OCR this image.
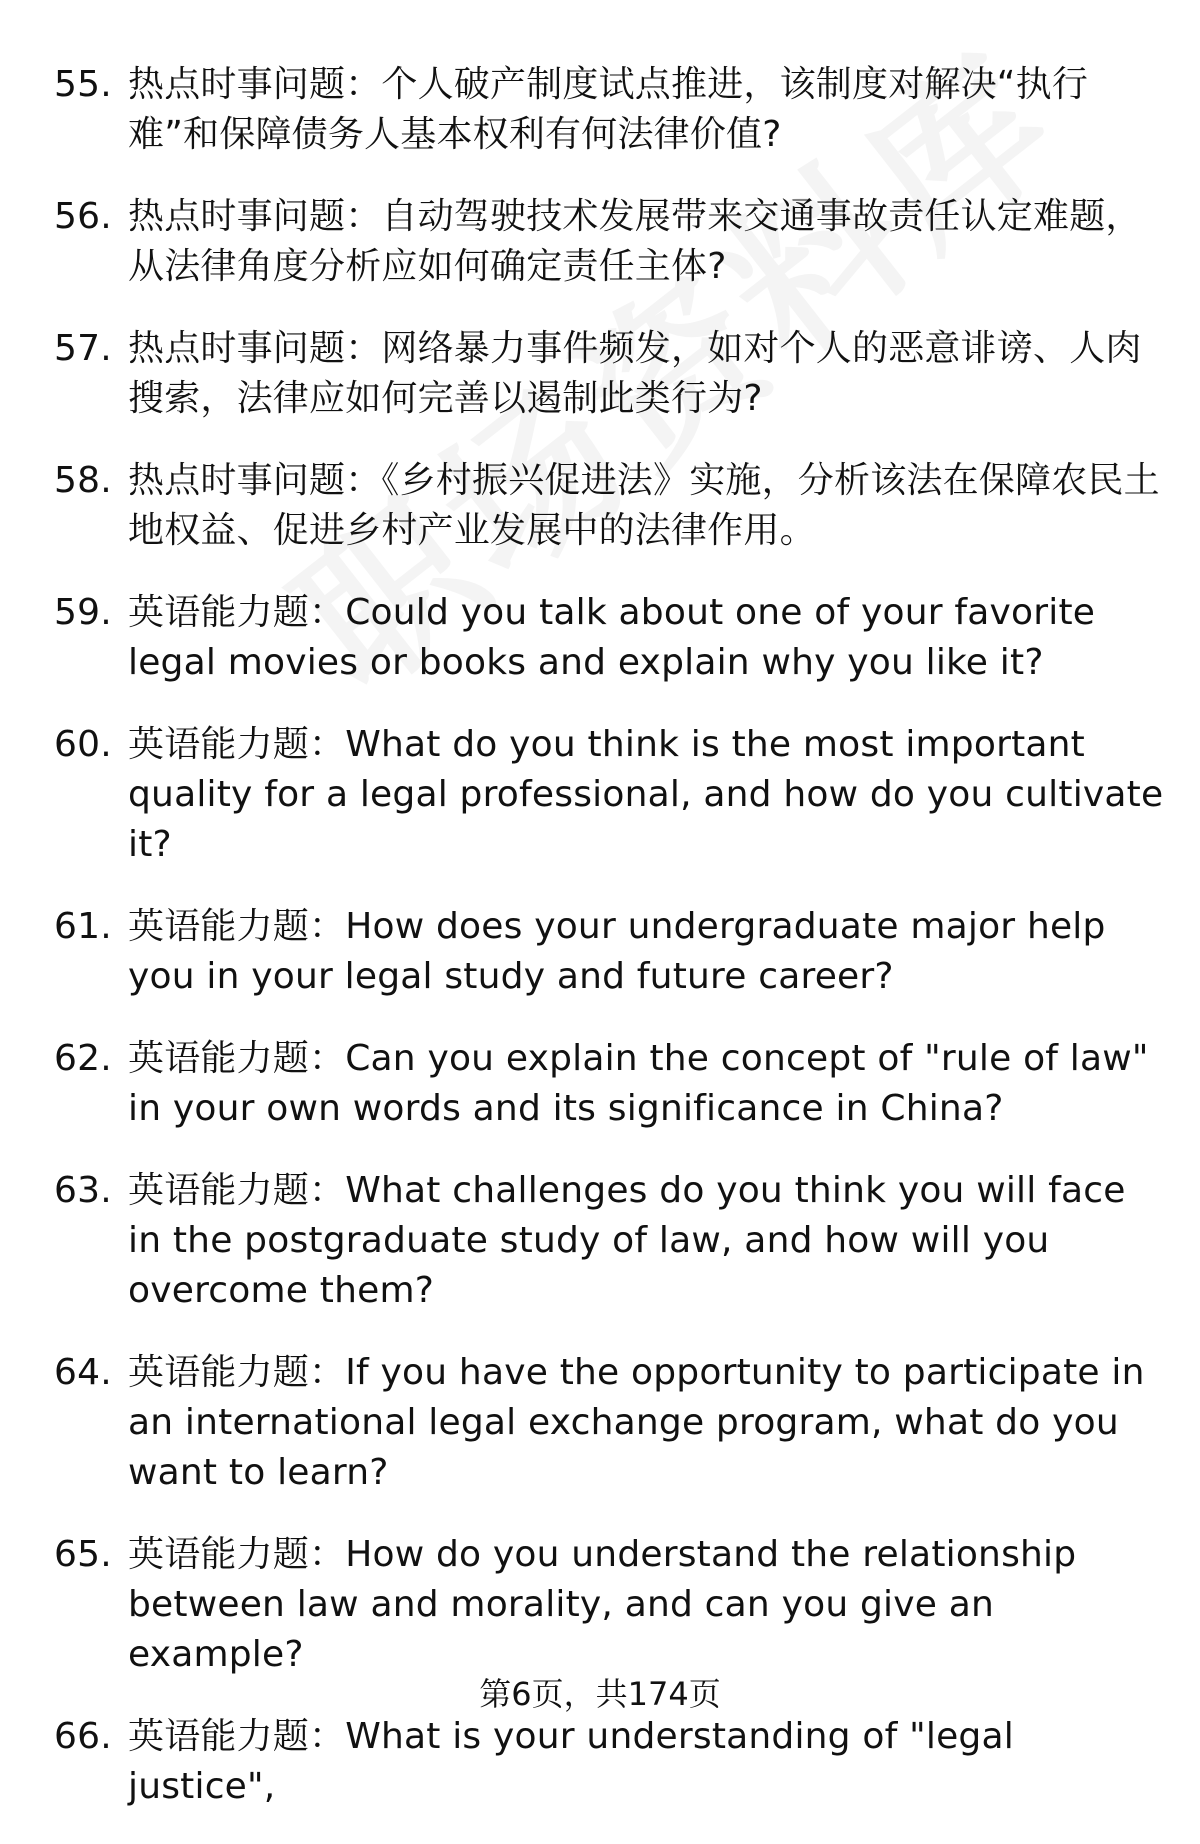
55. 热点时事问题：个人破产制度试点推进，该制度对解决“执行难”和保障债务人基本权利有何法律价值?
56. 热点时事问题：自动驾驶技术发展带来交通事故责任认定难题，从法律角度分析应如何确定责任主体?
57. 热点时事问题：网络暴力事件频发，如对个人的恶意诽谤、人肉搜索，法律应如何完善以遏制此类行为?
58. 热点时事问题：《乡村振兴促进法》实施，分析该法在保障农民土地权益、促进乡村产业发展中的法律作用。
59. 英语能力题：Could you talk about one of your favorite legal movies or books and explain why you like it?
60. 英语能力题：What do you think is the most important quality for a legal professional, and how do you cultivate it?
61. 英语能力题：How does your undergraduate major help you in your legal study and future career?
62. 英语能力题：Can you explain the concept of "rule of law" in your own words and its significance in China?
63. 英语能力题：What challenges do you think you will face in the postgraduate study of law, and how will you overcome them?
64. 英语能力题：If you have the opportunity to participate in an international legal exchange program, what do you want to learn?
65. 英语能力题：How do you understand the relationship between law and morality, and can you give an example?
66. 英语能力题：What is your understanding of "legal justice",
第6页，共174页
